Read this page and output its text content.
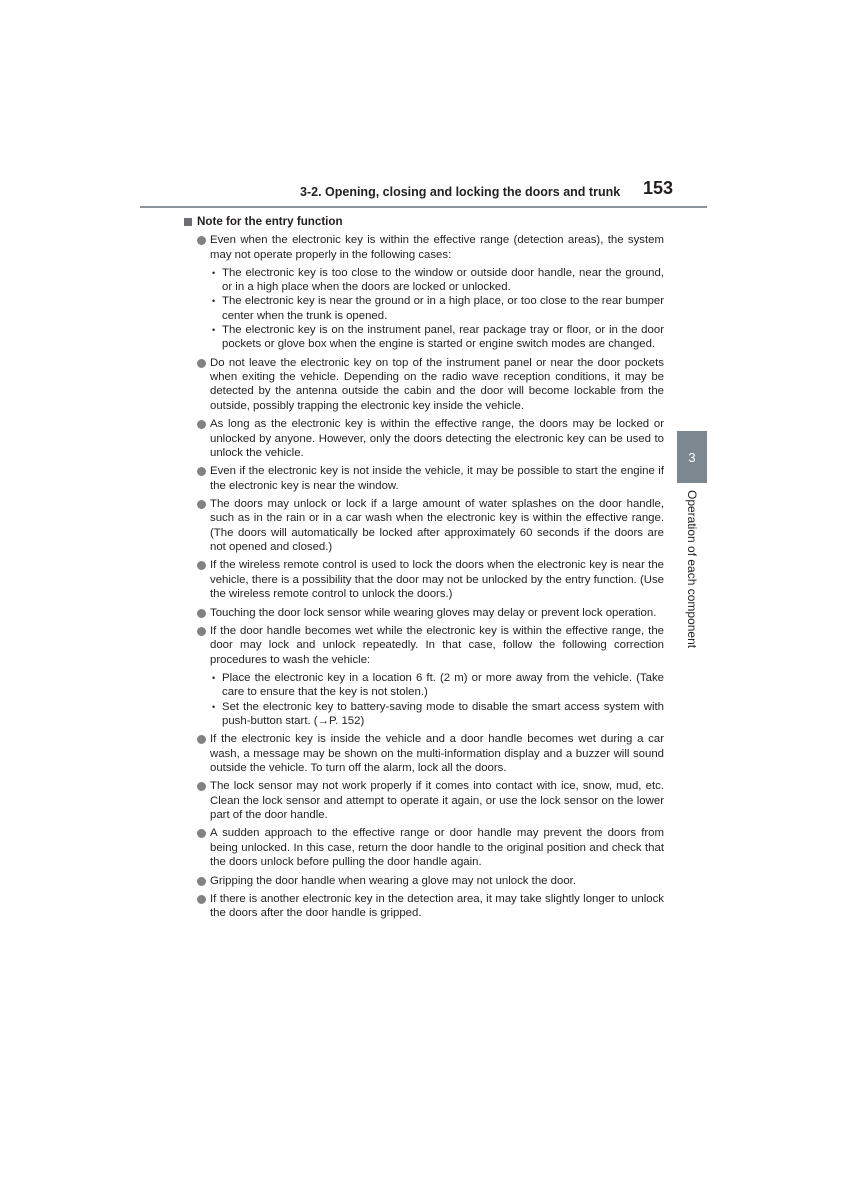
3-2. Opening, closing and locking the doors and trunk	153
3
Operation of each component
Note for the entry function
Even when the electronic key is within the effective range (detection areas), the system may not operate properly in the following cases:
• The electronic key is too close to the window or outside door handle, near the ground, or in a high place when the doors are locked or unlocked.
• The electronic key is near the ground or in a high place, or too close to the rear bumper center when the trunk is opened.
• The electronic key is on the instrument panel, rear package tray or floor, or in the door pockets or glove box when the engine is started or engine switch modes are changed.
Do not leave the electronic key on top of the instrument panel or near the door pockets when exiting the vehicle. Depending on the radio wave reception conditions, it may be detected by the antenna outside the cabin and the door will become lockable from the outside, possibly trapping the electronic key inside the vehicle.
As long as the electronic key is within the effective range, the doors may be locked or unlocked by anyone. However, only the doors detecting the electronic key can be used to unlock the vehicle.
Even if the electronic key is not inside the vehicle, it may be possible to start the engine if the electronic key is near the window.
The doors may unlock or lock if a large amount of water splashes on the door handle, such as in the rain or in a car wash when the electronic key is within the effective range. (The doors will automatically be locked after approximately 60 seconds if the doors are not opened and closed.)
If the wireless remote control is used to lock the doors when the electronic key is near the vehicle, there is a possibility that the door may not be unlocked by the entry function. (Use the wireless remote control to unlock the doors.)
Touching the door lock sensor while wearing gloves may delay or prevent lock operation.
If the door handle becomes wet while the electronic key is within the effective range, the door may lock and unlock repeatedly. In that case, follow the following correction procedures to wash the vehicle:
• Place the electronic key in a location 6 ft. (2 m) or more away from the vehicle. (Take care to ensure that the key is not stolen.)
• Set the electronic key to battery-saving mode to disable the smart access system with push-button start. (→P. 152)
If the electronic key is inside the vehicle and a door handle becomes wet during a car wash, a message may be shown on the multi-information display and a buzzer will sound outside the vehicle. To turn off the alarm, lock all the doors.
The lock sensor may not work properly if it comes into contact with ice, snow, mud, etc. Clean the lock sensor and attempt to operate it again, or use the lock sensor on the lower part of the door handle.
A sudden approach to the effective range or door handle may prevent the doors from being unlocked. In this case, return the door handle to the original position and check that the doors unlock before pulling the door handle again.
Gripping the door handle when wearing a glove may not unlock the door.
If there is another electronic key in the detection area, it may take slightly longer to unlock the doors after the door handle is gripped.
